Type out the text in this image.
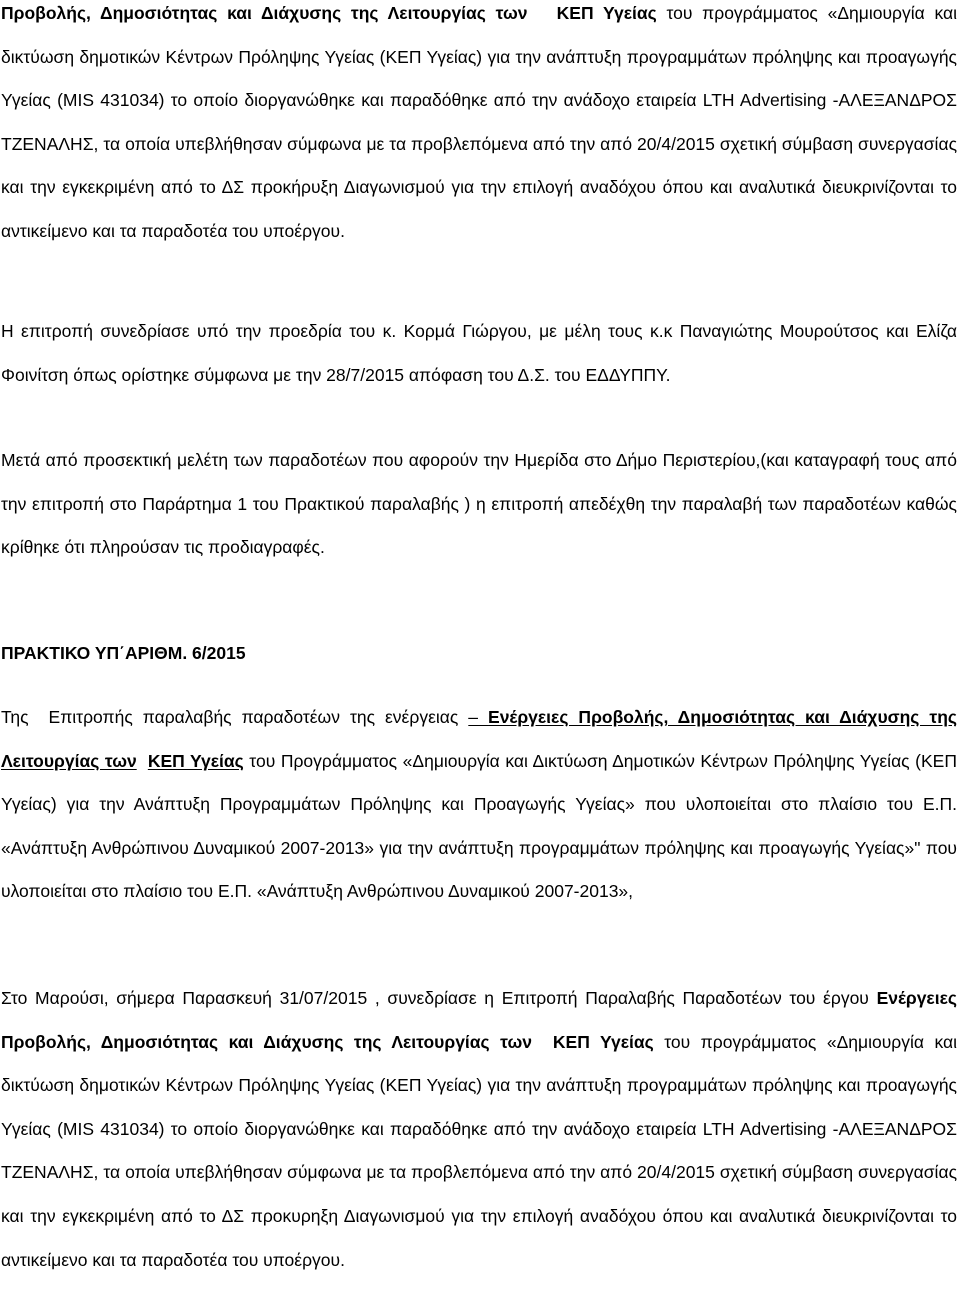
Προβολής, Δημοσιότητας και Διάχυσης της Λειτουργίας των ΚΕΠ Υγείας του προγράμματος «Δημιουργία και δικτύωση δημοτικών Κέντρων Πρόληψης Υγείας (ΚΕΠ Υγείας) για την ανάπτυξη προγραμμάτων πρόληψης και προαγωγής Υγείας (MIS 431034) το οποίο διοργανώθηκε και παραδόθηκε από την ανάδοχο εταιρεία LTH Advertising -ΑΛΕΞΑΝΔΡΟΣ ΤΖΕΝΑΛΗΣ, τα οποία υπεβλήθησαν σύμφωνα με τα προβλεπόμενα από την από 20/4/2015 σχετική σύμβαση συνεργασίας και την εγκεκριμένη από το ΔΣ προκήρυξη Διαγωνισμού για την επιλογή αναδόχου όπου και αναλυτικά διευκρινίζονται το αντικείμενο και τα παραδοτέα του υποέργου.

Η επιτροπή συνεδρίασε υπό την προεδρία του κ. Κορμά Γιώργου, με μέλη τους κ.κ Παναγιώτης Μουρούτσος και Ελίζα Φοινίτση όπως ορίστηκε σύμφωνα με την 28/7/2015 απόφαση του Δ.Σ. του ΕΔΔΥΠΠΥ.

Μετά από προσεκτική μελέτη των παραδοτέων που αφορούν την Ημερίδα στο Δήμο Περιστερίου,(και καταγραφή τους από την επιτροπή στο Παράρτημα 1 του Πρακτικού παραλαβής ) η επιτροπή απεδέχθη την παραλαβή των παραδοτέων καθώς κρίθηκε ότι πληρούσαν τις προδιαγραφές.

ΠΡΑΚΤΙΚΟ ΥΠ΄ΑΡΙΘΜ. 6/2015

Της  Επιτροπής παραλαβής παραδοτέων της ενέργειας – Ενέργειες Προβολής, Δημοσιότητας και Διάχυσης της Λειτουργίας των ΚΕΠ Υγείας του Προγράμματος «Δημιουργία και Δικτύωση Δημοτικών Κέντρων Πρόληψης Υγείας (ΚΕΠ Υγείας) για την Ανάπτυξη Προγραμμάτων Πρόληψης και Προαγωγής Υγείας» που υλοποιείται στο πλαίσιο του Ε.Π. «Ανάπτυξη Ανθρώπινου Δυναμικού 2007-2013» για την ανάπτυξη προγραμμάτων πρόληψης και προαγωγής Υγείας»" που υλοποιείται στο πλαίσιο του Ε.Π. «Ανάπτυξη Ανθρώπινου Δυναμικού 2007-2013»,

Στο Μαρούσι, σήμερα Παρασκευή 31/07/2015 , συνεδρίασε η Επιτροπή Παραλαβής Παραδοτέων του έργου Ενέργειες Προβολής, Δημοσιότητας και Διάχυσης της Λειτουργίας των ΚΕΠ Υγείας του προγράμματος «Δημιουργία και δικτύωση δημοτικών Κέντρων Πρόληψης Υγείας (ΚΕΠ Υγείας) για την ανάπτυξη προγραμμάτων πρόληψης και προαγωγής Υγείας (MIS 431034) το οποίο διοργανώθηκε και παραδόθηκε από την ανάδοχο εταιρεία LTH Advertising -ΑΛΕΞΑΝΔΡΟΣ ΤΖΕΝΑΛΗΣ, τα οποία υπεβλήθησαν σύμφωνα με τα προβλεπόμενα από την από 20/4/2015 σχετική σύμβαση συνεργασίας και την εγκεκριμένη από το ΔΣ προκυρηξη Διαγωνισμού για την επιλογή αναδόχου όπου και αναλυτικά διευκρινίζονται το αντικείμενο και τα παραδοτέα του υποέργου.
